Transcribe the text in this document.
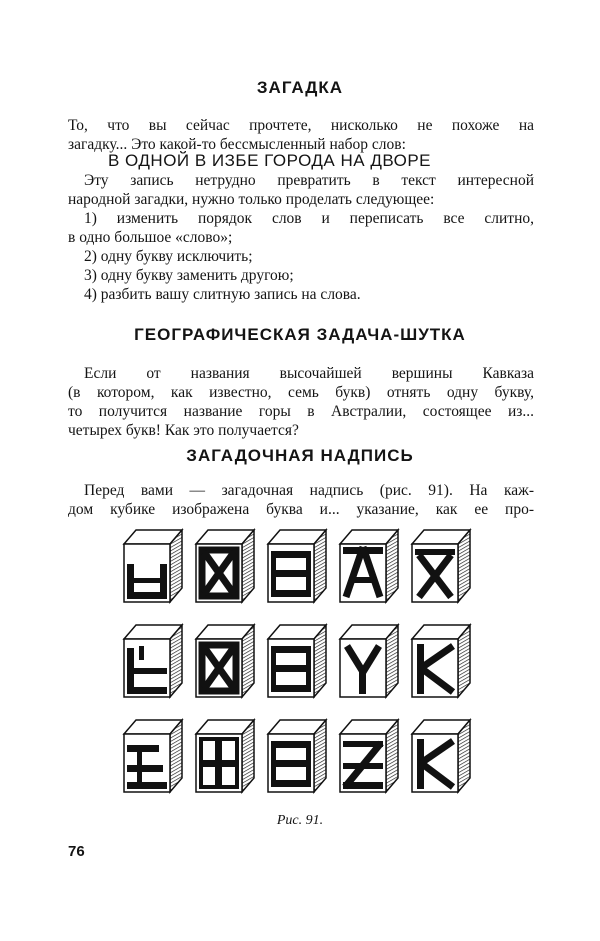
ЗАГАДКА

То, что вы сейчас прочтете, нисколько не похоже на

загадку... Это какой-то бессмысленный набор слов:

В ОДНОЙ В ИЗБЕ ГОРОДА НА ДВОРЕ

Эту запись нетрудно превратить в текст интересной

народной загадки, нужно только проделать следующее:

1) изменить порядок слов и переписать все слитно,

в одно большое «слово»;

2) одну букву исключить;

3) одну букву заменить другою;

4) разбить вашу слитную запись на слова.

ГЕОГРАФИЧЕСКАЯ ЗАДАЧА-ШУТКА

Если от названия высочайшей вершины Кавказа

(в котором, как известно, семь букв) отнять одну букву,

то получится название горы в Австралии, состоящее из...

четырех букв! Как это получается?

ЗАГАДОЧНАЯ НАДПИСЬ

Перед вами — загадочная надпись (рис. 91). На каж-

дом кубике изображена буква и... указание, как ее про-

Рис. 91.

76
